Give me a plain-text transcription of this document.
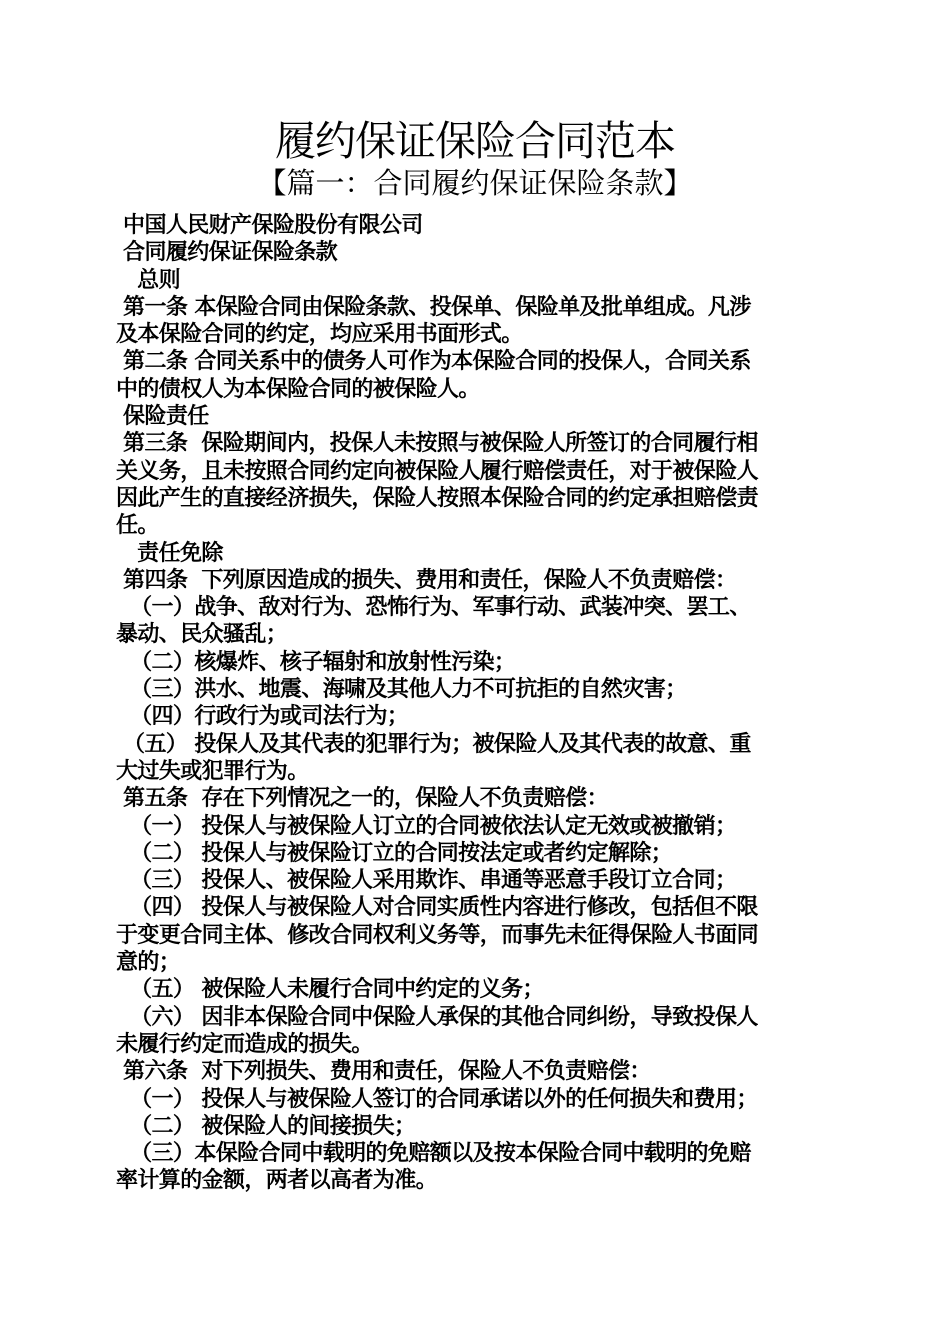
履约保证保险合同范本
【篇一：合同履约保证保险条款】
中国人民财产保险股份有限公司
合同履约保证保险条款
总则
第一条 本保险合同由保险条款、投保单、保险单及批单组成。凡涉
及本保险合同的约定，均应采用书面形式。
第二条 合同关系中的债务人可作为本保险合同的投保人，合同关系
中的债权人为本保险合同的被保险人。
保险责任
第三条  保险期间内，投保人未按照与被保险人所签订的合同履行相
关义务，且未按照合同约定向被保险人履行赔偿责任，对于被保险人
因此产生的直接经济损失，保险人按照本保险合同的约定承担赔偿责
任。
责任免除
第四条  下列原因造成的损失、费用和责任，保险人不负责赔偿：
（一）战争、敌对行为、恐怖行为、军事行动、武装冲突、罢工、
暴动、民众骚乱；
（二）核爆炸、核子辐射和放射性污染；
（三）洪水、地震、海啸及其他人力不可抗拒的自然灾害；
（四）行政行为或司法行为；
（五） 投保人及其代表的犯罪行为；被保险人及其代表的故意、重
大过失或犯罪行为。
第五条  存在下列情况之一的，保险人不负责赔偿：
（一） 投保人与被保险人订立的合同被依法认定无效或被撤销；
（二） 投保人与被保险订立的合同按法定或者约定解除；
（三） 投保人、被保险人采用欺诈、串通等恶意手段订立合同；
（四） 投保人与被保险人对合同实质性内容进行修改，包括但不限
于变更合同主体、修改合同权利义务等，而事先未征得保险人书面同
意的；
（五） 被保险人未履行合同中约定的义务；
（六） 因非本保险合同中保险人承保的其他合同纠纷，导致投保人
未履行约定而造成的损失。
第六条  对下列损失、费用和责任，保险人不负责赔偿：
（一） 投保人与被保险人签订的合同承诺以外的任何损失和费用；
（二） 被保险人的间接损失；
（三）本保险合同中载明的免赔额以及按本保险合同中载明的免赔
率计算的金额，两者以高者为准。
